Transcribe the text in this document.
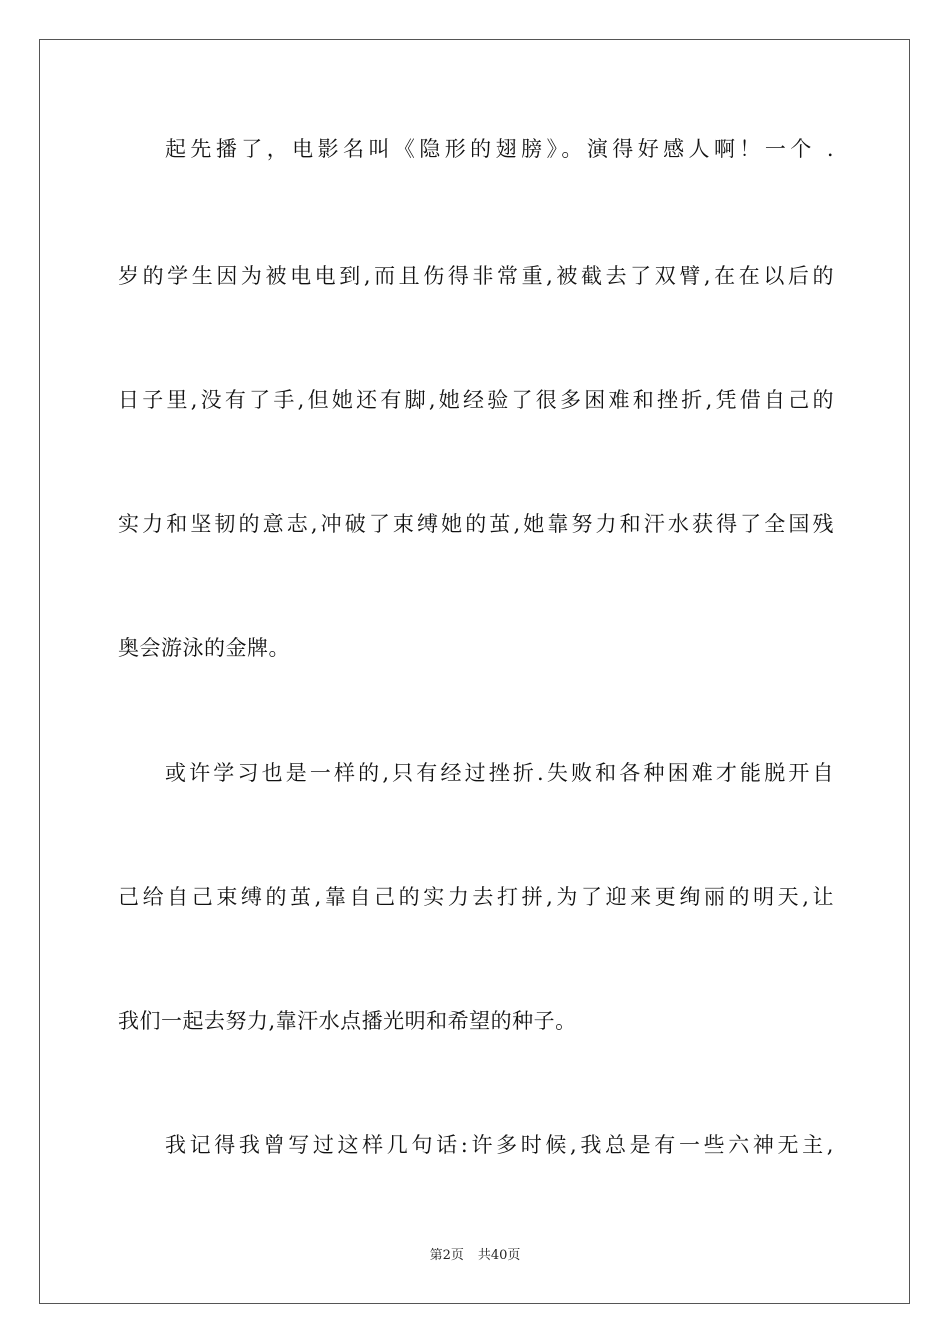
起先播了，电影名叫《隐形的翅膀》。演得好感人啊！一个 .
岁的学生因为被电电到,而且伤得非常重,被截去了双臂,在在以后的
日子里,没有了手,但她还有脚,她经验了很多困难和挫折,凭借自己的
实力和坚韧的意志,冲破了束缚她的茧,她靠努力和汗水获得了全国残
奥会游泳的金牌。
或许学习也是一样的,只有经过挫折.失败和各种困难才能脱开自
己给自己束缚的茧,靠自己的实力去打拼,为了迎来更绚丽的明天,让
我们一起去努力,靠汗水点播光明和希望的种子。
我记得我曾写过这样几句话:许多时候,我总是有一些六神无主,
第2页 共40页
